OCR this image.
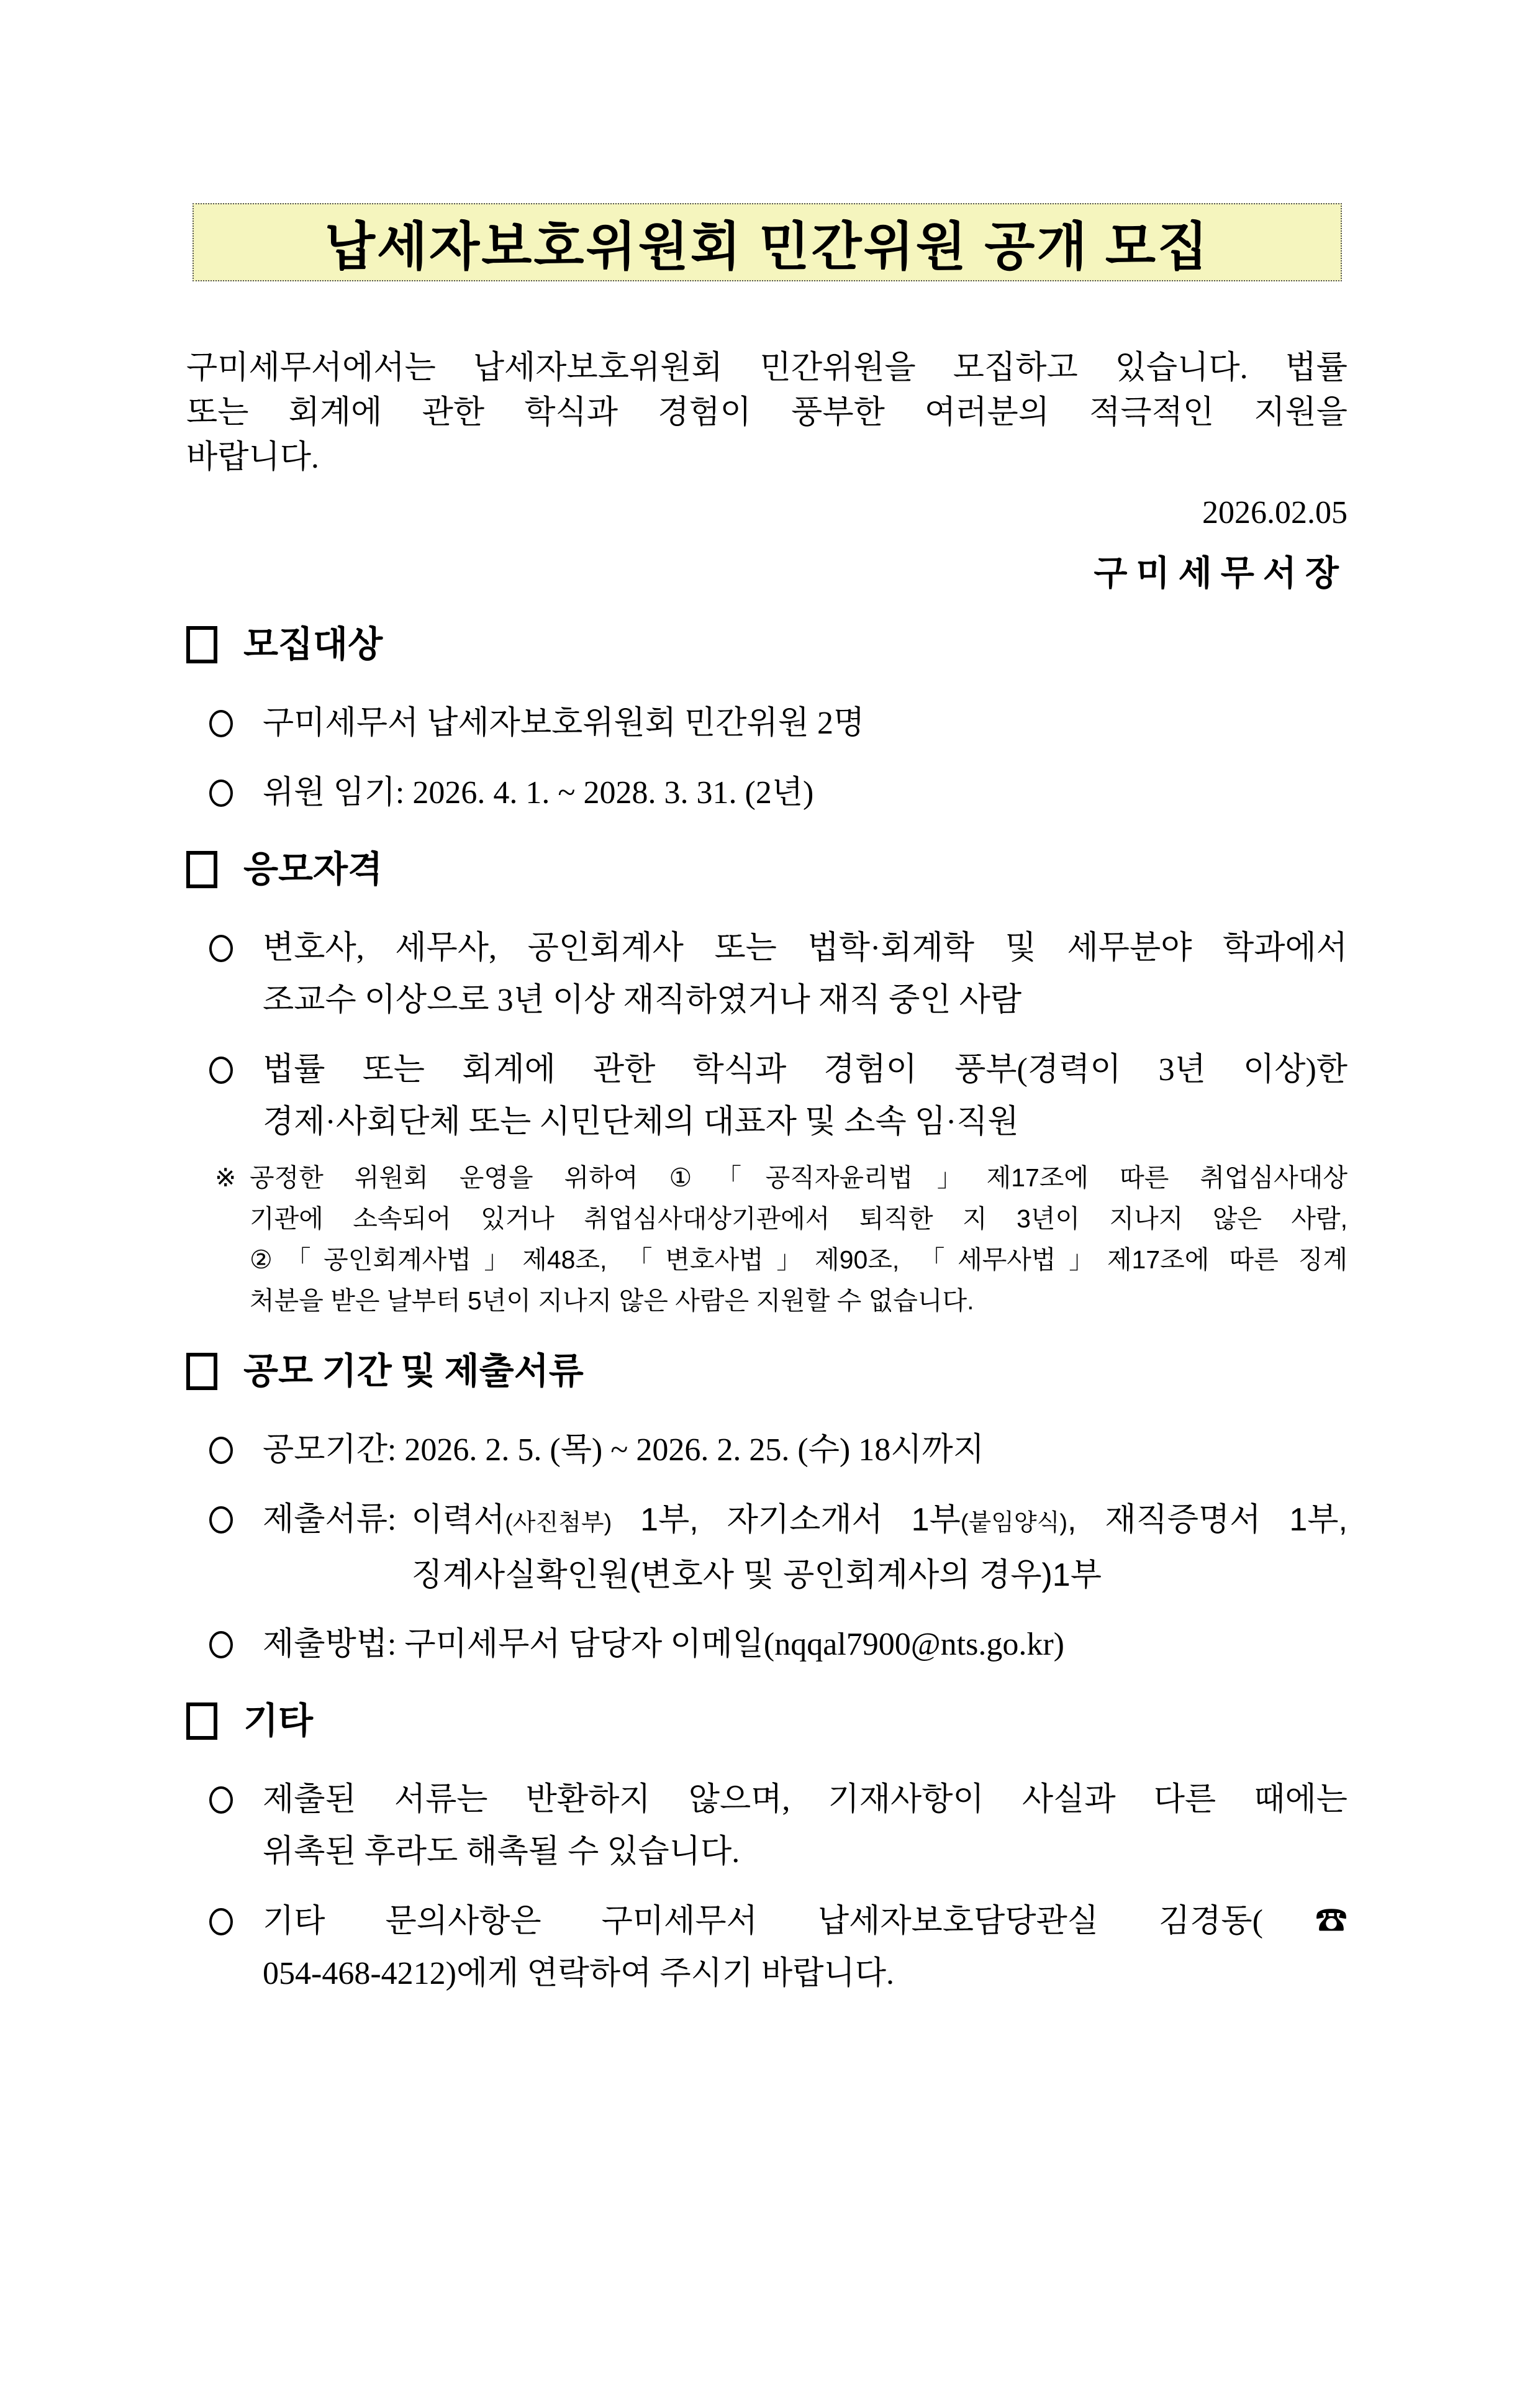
납세자보호위원회 민간위원 공개 모집
구미세무서에서는 납세자보호위원회 민간위원을 모집하고 있습니다. 법률
또는 회계에 관한 학식과 경험이 풍부한 여러분의 적극적인 지원을
바랍니다.
2026.02.05
구미세무서장
모집대상
구미세무서 납세자보호위원회 민간위원 2명
위원 임기: 2026. 4. 1. ~ 2028. 3. 31. (2년)
응모자격
변호사, 세무사, 공인회계사 또는 법학·회계학 및 세무분야 학과에서
조교수 이상으로 3년 이상 재직하였거나 재직 중인 사람
법률 또는 회계에 관한 학식과 경험이 풍부(경력이 3년 이상)한
경제·사회단체 또는 시민단체의 대표자 및 소속 임·직원
※ 공정한 위원회 운영을 위하여 ①「공직자윤리법」제17조에 따른 취업심사대상
기관에 소속되어 있거나 취업심사대상기관에서 퇴직한 지 3년이 지나지 않은 사람,
②「공인회계사법」제48조, 「변호사법」제90조, 「세무사법」제17조에 따른 징계
처분을 받은 날부터 5년이 지나지 않은 사람은 지원할 수 없습니다.
공모 기간 및 제출서류
공모기간: 2026. 2. 5. (목) ~ 2026. 2. 25. (수) 18시까지
제출서류: 이력서(사진첨부) 1부, 자기소개서 1부(붙임양식), 재직증명서 1부,
징계사실확인원(변호사 및 공인회계사의 경우)1부
제출방법: 구미세무서 담당자 이메일(nqqal7900@nts.go.kr)
기타
제출된 서류는 반환하지 않으며, 기재사항이 사실과 다른 때에는
위촉된 후라도 해촉될 수 있습니다.
기타 문의사항은 구미세무서 납세자보호담당관실 김경동(☎
054-468-4212)에게 연락하여 주시기 바랍니다.
